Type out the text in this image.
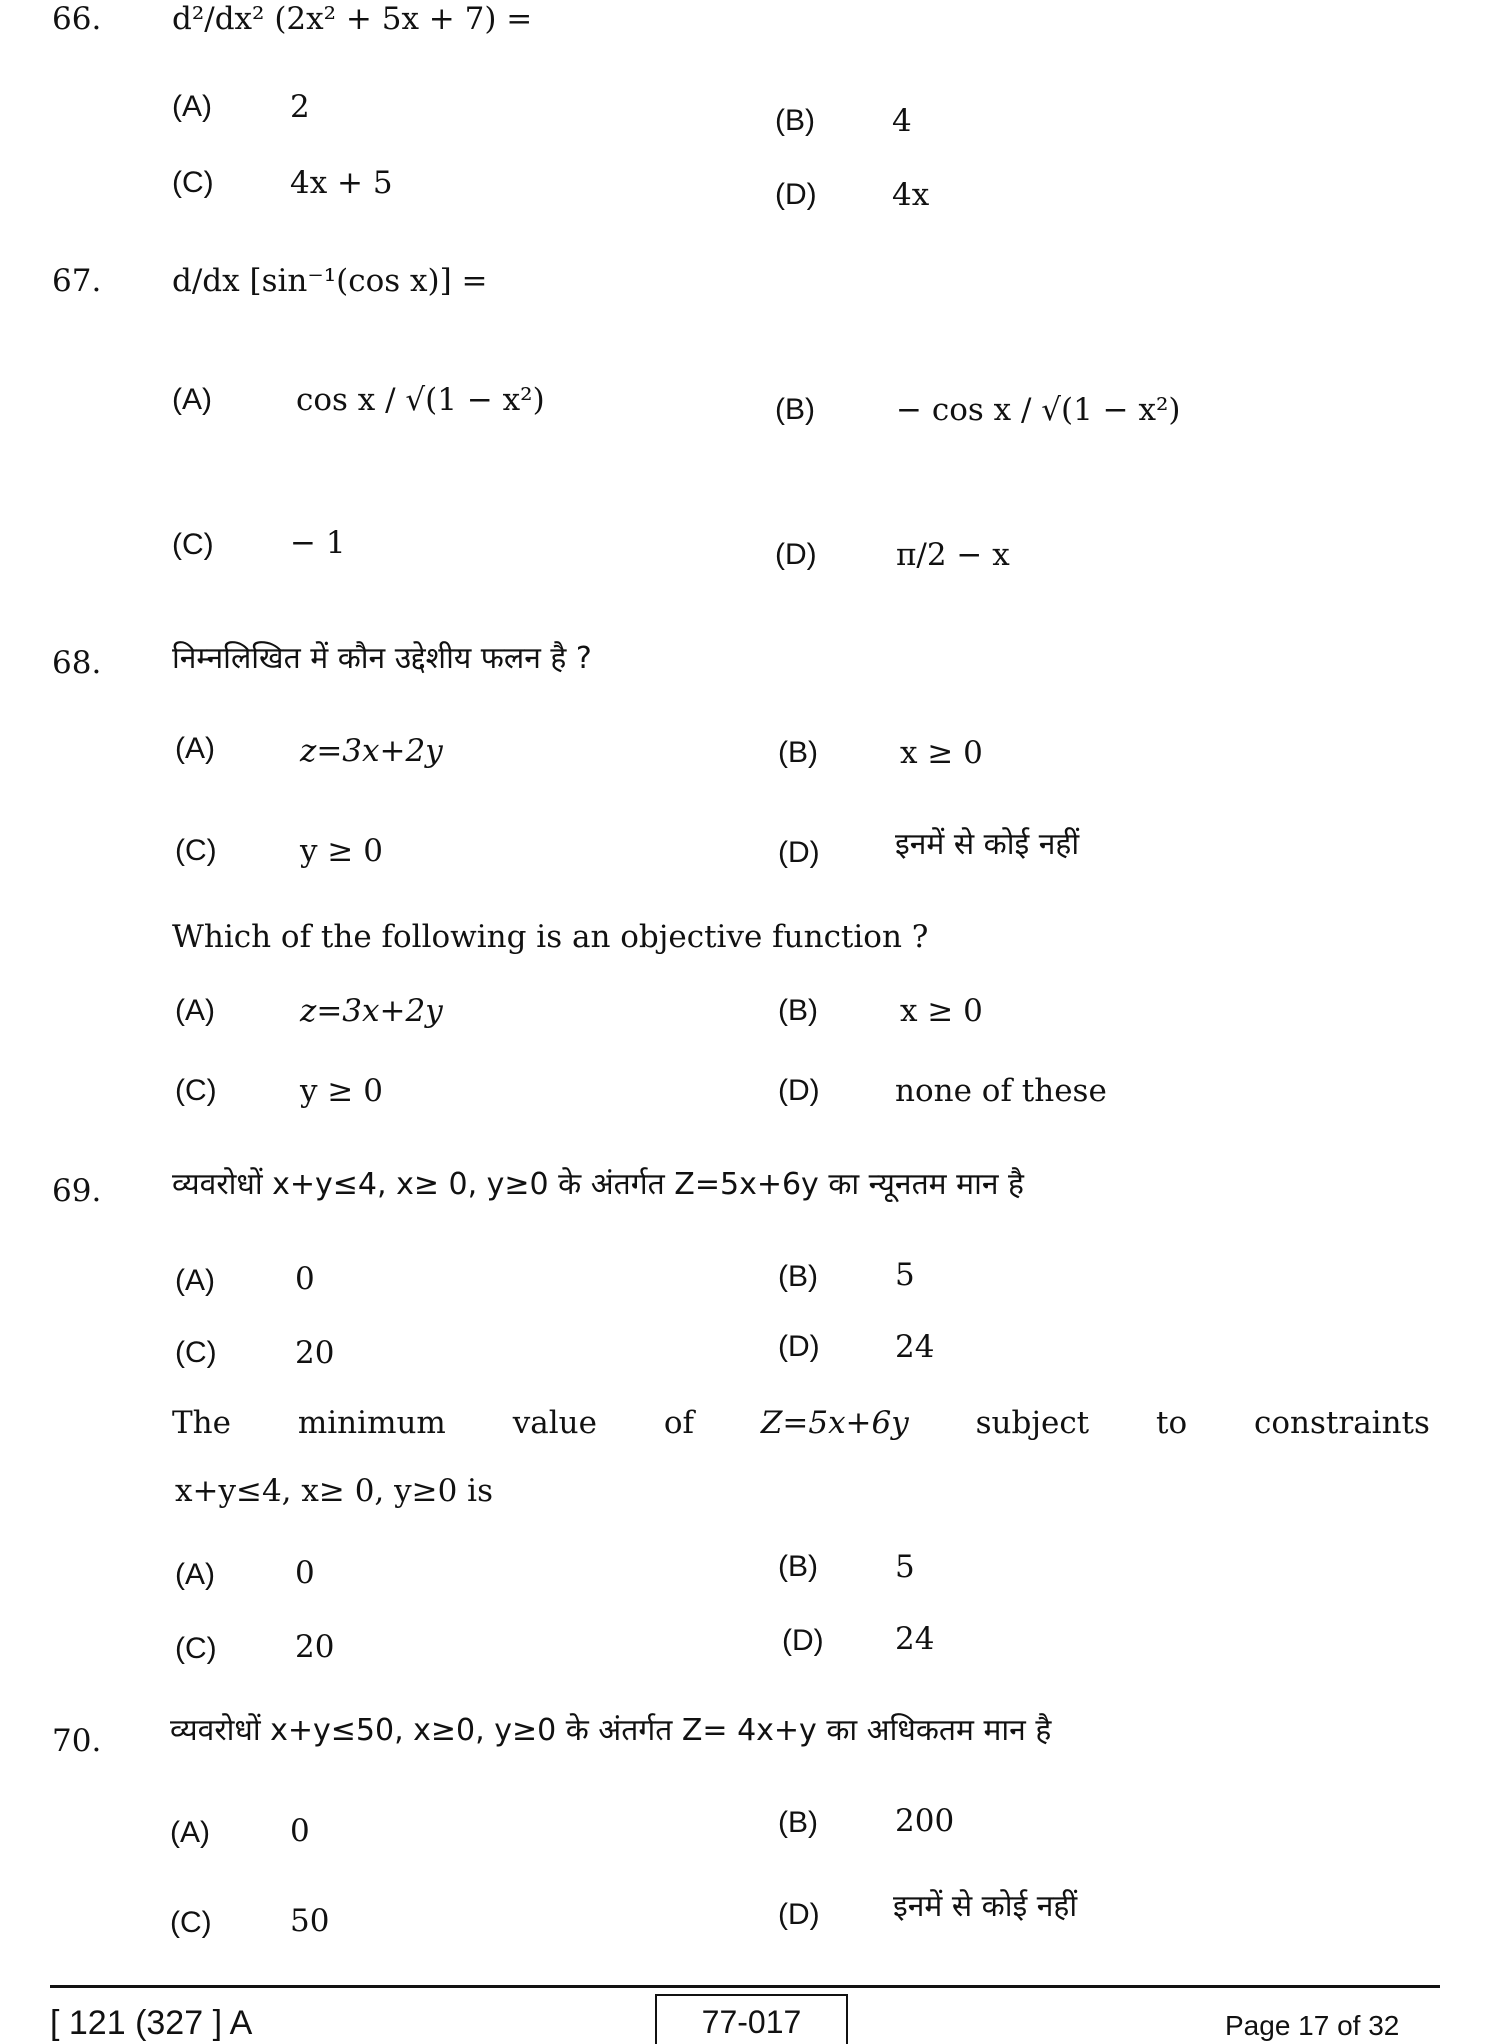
66. d²/dx² (2x² + 5x + 7) =
(A)	2	(B) 4
(C) 4x + 5	(D) 4x
67. d/dx [sin⁻¹(cos x)] =
(A)	cos x / √(1 − x²)	(B)	− cos x / √(1 − x²)
(C) − 1	(D)	π/2 − x
68. निम्नलिखित में कौन उद्देशीय फलन है ?
(A)	z=3x+2y	(B)	x ≥ 0
(C)	y ≥ 0	(D)	इनमें से कोई नहीं
Which of the following is an objective function ?
(A)	z=3x+2y	(B)	x ≥ 0
(C)	y ≥ 0	(D) none of these
69. व्यवरोधों x+y≤4, x≥ 0, y≥0 के अंतर्गत Z=5x+6y का न्यूनतम मान है
(A)	0	(B) 5
(C)	20	(D) 24
The minimum value of Z=5x+6y subject to constraints
x+y≤4, x≥ 0, y≥0 is
(A)	0	(B) 5
(C)	20	(D) 24
70. व्यवरोधों x+y≤50, x≥0, y≥0 के अंतर्गत Z= 4x+y का अधिकतम मान है
(A)	0	(B) 200
(C)	50	(D) इनमें से कोई नहीं
[ 121 (327 ] A	77-017	Page 17 of 32
